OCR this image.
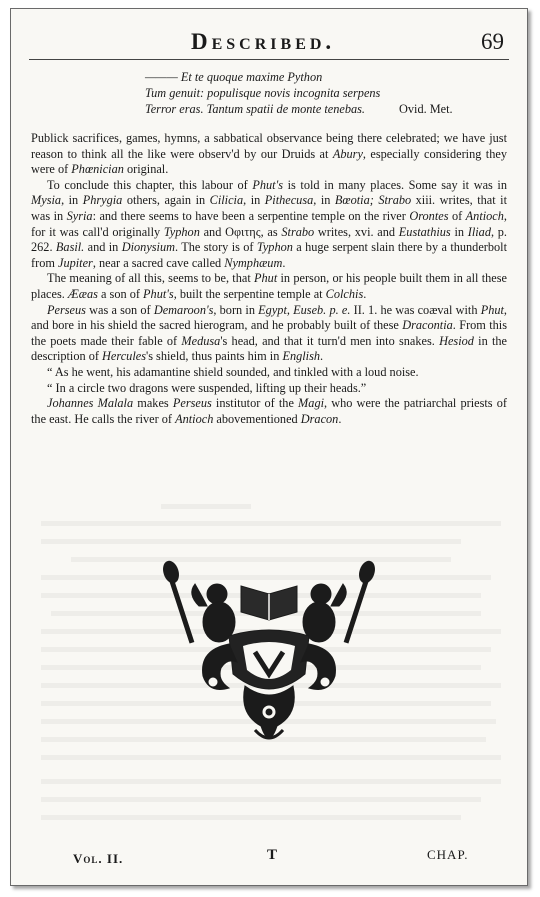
Described.	69
——— Et te quoque maxime Python
Tum genuit: populisque novis incognita serpens
Terror eras. Tantum spatii de monte tenebas.	Ovid. Met.

Publick sacrifices, games, hymns, a sabbatical observance being there celebrated; we have just reason to think all the like were observ'd by our Druids at Abury, especially considering they were of Phœnician original.

To conclude this chapter, this labour of Phut's is told in many places. Some say it was in Mysia, in Phrygia others, again in Cilicia, in Pithecusa, in Bœotia; Strabo xiii. writes, that it was in Syria: and there seems to have been a serpentine temple on the river Orontes of Antioch, for it was call'd originally Typhon and Οφιτης, as Strabo writes, xvi. and Eustathius in Iliad, p. 262. Basil. and in Dionysium. The story is of Typhon a huge serpent slain there by a thunderbolt from Jupiter, near a sacred cave called Nymphæum.

The meaning of all this, seems to be, that Phut in person, or his people built them in all these places. Ææas a son of Phut's, built the serpentine temple at Colchis.

Perseus was a son of Demaroon's, born in Egypt, Euseb. p. e. II. 1. he was coæval with Phut, and bore in his shield the sacred hierogram, and he probably built of these Dracontia. From this the poets made their fable of Medusa's head, and that it turn'd men into snakes. Hesiod in the description of Hercules's shield, thus paints him in English.

“ As he went, his adamantine shield sounded, and tinkled with a loud noise.

“ In a circle two dragons were suspended, lifting up their heads.”

Johannes Malala makes Perseus institutor of the Magi, who were the patriarchal priests of the east. He calls the river of Antioch abovementioned Dracon.

Vol. II.	T	CHAP.
